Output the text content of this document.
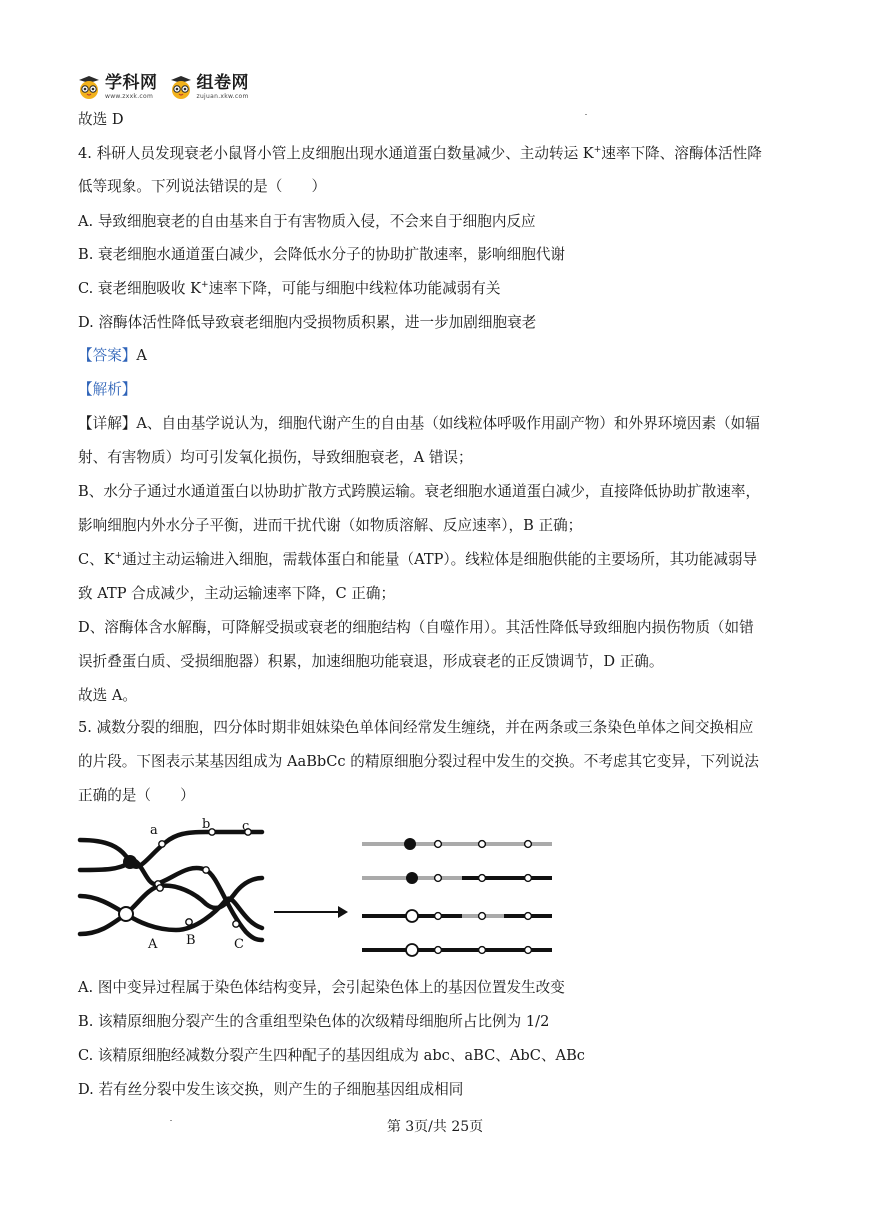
学科网
www.zxxk.com
组卷网
zujuan.xkw.com
故选 D
4. 科研人员发现衰老小鼠肾小管上皮细胞出现水通道蛋白数量减少、主动转运 K+速率下降、溶酶体活性降
低等现象。下列说法错误的是（　　）
A. 导致细胞衰老的自由基来自于有害物质入侵，不会来自于细胞内反应
B. 衰老细胞水通道蛋白减少，会降低水分子的协助扩散速率，影响细胞代谢
C. 衰老细胞吸收 K+速率下降，可能与细胞中线粒体功能减弱有关
D. 溶酶体活性降低导致衰老细胞内受损物质积累，进一步加剧细胞衰老
【答案】A
【解析】
【详解】A、自由基学说认为，细胞代谢产生的自由基（如线粒体呼吸作用副产物）和外界环境因素（如辐
射、有害物质）均可引发氧化损伤，导致细胞衰老，A 错误；
B、水分子通过水通道蛋白以协助扩散方式跨膜运输。衰老细胞水通道蛋白减少，直接降低协助扩散速率，
影响细胞内外水分子平衡，进而干扰代谢（如物质溶解、反应速率），B 正确；
C、K+通过主动运输进入细胞，需载体蛋白和能量（ATP）。线粒体是细胞供能的主要场所，其功能减弱导
致 ATP 合成减少，主动运输速率下降，C 正确；
D、溶酶体含水解酶，可降解受损或衰老的细胞结构（自噬作用）。其活性降低导致细胞内损伤物质（如错
误折叠蛋白质、受损细胞器）积累，加速细胞功能衰退，形成衰老的正反馈调节，D 正确。
故选 A。
5. 减数分裂的细胞，四分体时期非姐妹染色单体间经常发生缠绕，并在两条或三条染色单体之间交换相应
的片段。下图表示某基因组成为 AaBbCc 的精原细胞分裂过程中发生的交换。不考虑其它变异，下列说法
正确的是（　　）
a	b c
A B	C
A. 图中变异过程属于染色体结构变异，会引起染色体上的基因位置发生改变
B. 该精原细胞分裂产生的含重组型染色体的次级精母细胞所占比例为 1/2
C. 该精原细胞经减数分裂产生四种配子的基因组成为 abc、aBC、AbC、ABc
D. 若有丝分裂中发生该交换，则产生的子细胞基因组成相同
第 3页/共 25页
